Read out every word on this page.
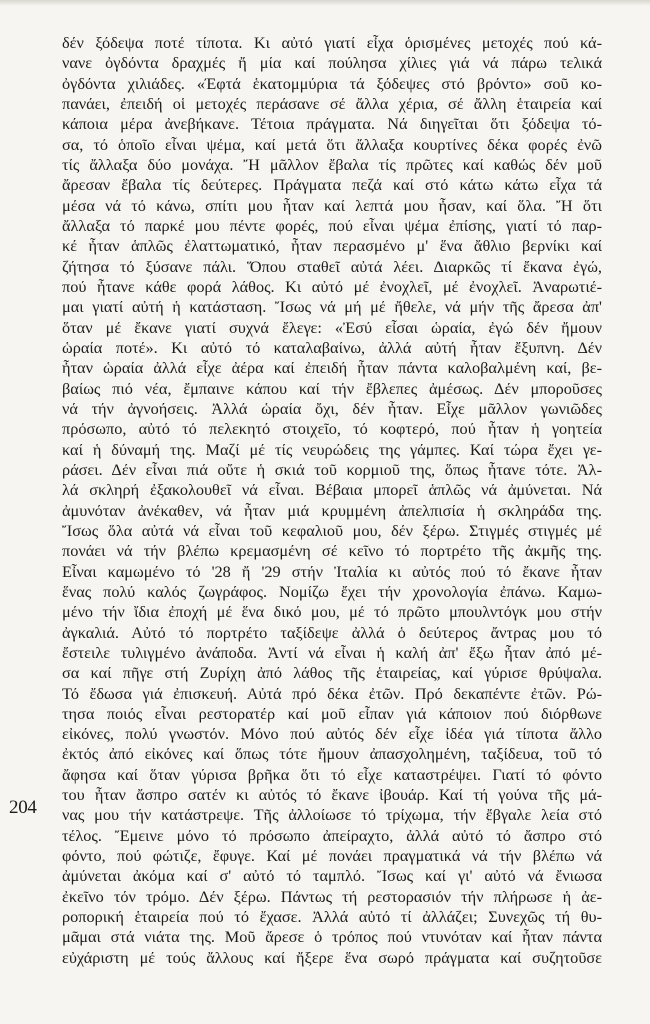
δέν ξόδεψα ποτέ τίποτα. Κι αὐτό γιατί εἶχα ὁρισμένες μετοχές πού κά-
νανε ὀγδόντα δραχμές ἤ μία καί πούλησα χίλιες γιά νά πάρω τελικά
ὀγδόντα χιλιάδες. «Έφτά ἑκατομμύρια τά ξόδεψες στό βρόντο» σοῦ κο-
πανάει, ἐπειδή οἱ μετοχές περάσανε σέ ἄλλα χέρια, σέ ἄλλη ἑταιρεία καί
κάποια μέρα ἀνεβήκανε. Τέτοια πράγματα. Νά διηγεῖται ὅτι ξόδεψα τό-
σα, τό ὁποῖο εἶναι ψέμα, καί μετά ὅτι ἄλλαξα κουρτίνες δέκα φορές ἐνῶ
τίς ἄλλαξα δύο μονάχα. Ἤ μᾶλλον ἔβαλα τίς πρῶτες καί καθώς δέν μοῦ
ἄρεσαν ἔβαλα τίς δεύτερες. Πράγματα πεζά καί στό κάτω κάτω εἶχα τά
μέσα νά τό κάνω, σπίτι μου ἦταν καί λεπτά μου ἦσαν, καί ὅλα. Ἤ ὅτι
ἄλλαξα τό παρκέ μου πέντε φορές, πού εἶναι ψέμα ἐπίσης, γιατί τό παρ-
κέ ἦταν ἁπλῶς ἐλαττωματικό, ἦταν περασμένο μ' ἕνα ἄθλιο βερνίκι καί
ζήτησα τό ξύσανε πάλι. Ὅπου σταθεῖ αὐτά λέει. Διαρκῶς τί ἔκανα ἐγώ,
πού ἦτανε κάθε φορά λάθος. Κι αὐτό μέ ἐνοχλεῖ, μέ ἐνοχλεῖ. Ἀναρωτιέ-
μαι γιατί αὐτή ἡ κατάσταση. Ἴσως νά μή μέ ἤθελε, νά μήν τῆς ἄρεσα ἀπ'
ὅταν μέ ἔκανε γιατί συχνά ἔλεγε: «Ἐσύ εἶσαι ὡραία, ἐγώ δέν ἤμουν
ὡραία ποτέ». Κι αὐτό τό καταλαβαίνω, ἀλλά αὐτή ἦταν ἔξυπνη. Δέν
ἦταν ὡραία ἀλλά εἶχε ἀέρα καί ἐπειδή ἦταν πάντα καλοβαλμένη καί, βε-
βαίως πιό νέα, ἔμπαινε κάπου καί τήν ἔβλεπες ἀμέσως. Δέν μποροῦσες
νά τήν ἀγνοήσεις. Ἀλλά ὡραία ὄχι, δέν ἦταν. Εἶχε μᾶλλον γωνιῶδες
πρόσωπο, αὐτό τό πελεκητό στοιχεῖο, τό κοφτερό, πού ἦταν ἡ γοητεία
καί ἡ δύναμή της. Μαζί μέ τίς νευρώδεις της γάμπες. Καί τώρα ἔχει γε-
ράσει. Δέν εἶναι πιά οὔτε ἡ σκιά τοῦ κορμιοῦ της, ὅπως ἦτανε τότε. Ἀλ-
λά σκληρή ἐξακολουθεῖ νά εἶναι. Βέβαια μπορεῖ ἁπλῶς νά ἀμύνεται. Νά
ἀμυνόταν ἀνέκαθεν, νά ἦταν μιά κρυμμένη ἀπελπισία ἡ σκληράδα της.
Ἴσως ὅλα αὐτά νά εἶναι τοῦ κεφαλιοῦ μου, δέν ξέρω. Στιγμές στιγμές μέ
πονάει νά τήν βλέπω κρεμασμένη σέ κεῖνο τό πορτρέτο τῆς ἀκμῆς της.
Εἶναι καμωμένο τό '28 ἤ '29 στήν Ἰταλία κι αὐτός πού τό ἔκανε ἦταν
ἕνας πολύ καλός ζωγράφος. Νομίζω ἔχει τήν χρονολογία ἐπάνω. Καμω-
μένο τήν ἴδια ἐποχή μέ ἕνα δικό μου, μέ τό πρῶτο μπουλντόγκ μου στήν
ἀγκαλιά. Αὐτό τό πορτρέτο ταξίδεψε ἀλλά ὁ δεύτερος ἄντρας μου τό
ἔστειλε τυλιγμένο ἀνάποδα. Ἀντί νά εἶναι ἡ καλή ἀπ' ἔξω ἦταν ἀπό μέ-
σα καί πῆγε στή Ζυρίχη ἀπό λάθος τῆς ἑταιρείας, καί γύρισε θρύψαλα.
Τό ἔδωσα γιά ἐπισκευή. Αὐτά πρό δέκα ἐτῶν. Πρό δεκαπέντε ἐτῶν. Ρώ-
τησα ποιός εἶναι ρεστορατέρ καί μοῦ εἶπαν γιά κάποιον πού διόρθωνε
εἰκόνες, πολύ γνωστόν. Μόνο πού αὐτός δέν εἶχε ἰδέα γιά τίποτα ἄλλο
ἐκτός ἀπό εἰκόνες καί ὅπως τότε ἤμουν ἀπασχολημένη, ταξίδευα, τοῦ τό
ἄφησα καί ὅταν γύρισα βρῆκα ὅτι τό εἶχε καταστρέψει. Γιατί τό φόντο
του ἦταν ἄσπρο σατέν κι αὐτός τό ἔκανε ἰβουάρ. Καί τή γούνα τῆς μά-
νας μου τήν κατάστρεψε. Τῆς ἀλλοίωσε τό τρίχωμα, τήν ἔβγαλε λεία στό
τέλος. Ἔμεινε μόνο τό πρόσωπο ἀπείραχτο, ἀλλά αὐτό τό ἄσπρο στό
φόντο, πού φώτιζε, ἔφυγε. Καί μέ πονάει πραγματικά νά τήν βλέπω νά
ἀμύνεται ἀκόμα καί σ' αὐτό τό ταμπλό. Ἴσως καί γι' αὐτό νά ἔνιωσα
ἐκεῖνο τόν τρόμο. Δέν ξέρω. Πάντως τή ρεστορασιόν τήν πλήρωσε ἡ ἀε-
ροπορική ἑταιρεία πού τό ἔχασε. Ἀλλά αὐτό τί ἀλλάζει; Συνεχῶς τή θυ-
μᾶμαι στά νιάτα της. Μοῦ ἄρεσε ὁ τρόπος πού ντυνόταν καί ἦταν πάντα
εὐχάριστη μέ τούς ἄλλους καί ἤξερε ἕνα σωρό πράγματα καί συζητοῦσε
204
